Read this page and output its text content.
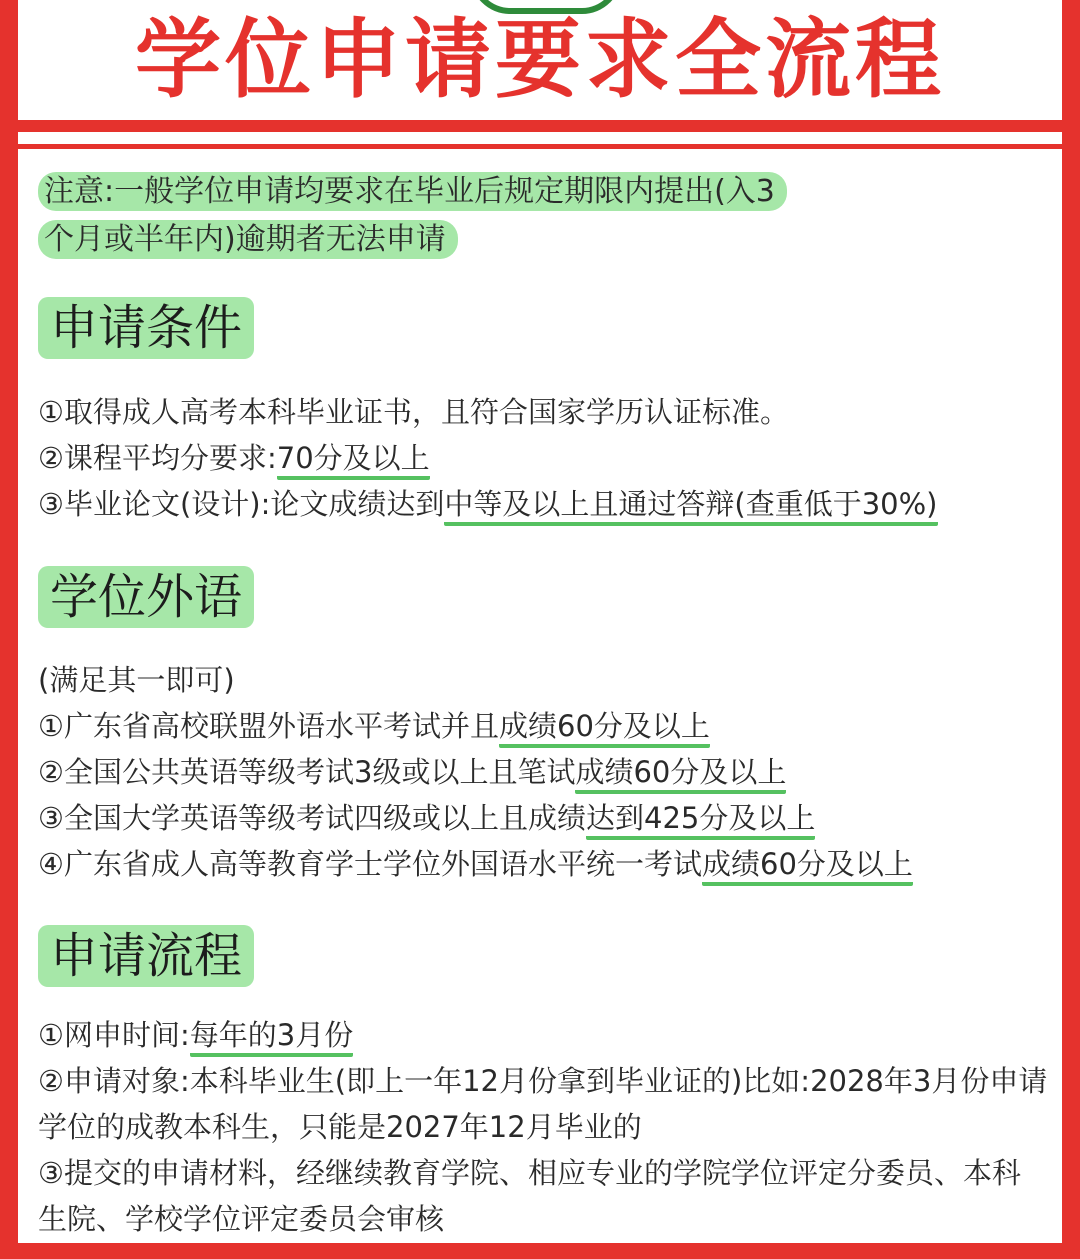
学位申请要求全流程
注意:一般学位申请均要求在毕业后规定期限内提出(入3
个月或半年内)逾期者无法申请
申请条件
①取得成人高考本科毕业证书，且符合国家学历认证标准。
②课程平均分要求:70分及以上
③毕业论文(设计):论文成绩达到中等及以上且通过答辩(查重低于30%)
学位外语
(满足其一即可)
①广东省高校联盟外语水平考试并且成绩60分及以上
②全国公共英语等级考试3级或以上且笔试成绩60分及以上
③全国大学英语等级考试四级或以上且成绩达到425分及以上
④广东省成人高等教育学士学位外国语水平统一考试成绩60分及以上
申请流程
①网申时间:每年的3月份
②申请对象:本科毕业生(即上一年12月份拿到毕业证的)比如:2028年3月份申请学位的成教本科生，只能是2027年12月毕业的
③提交的申请材料，经继续教育学院、相应专业的学院学位评定分委员、本科生院、学校学位评定委员会审核
